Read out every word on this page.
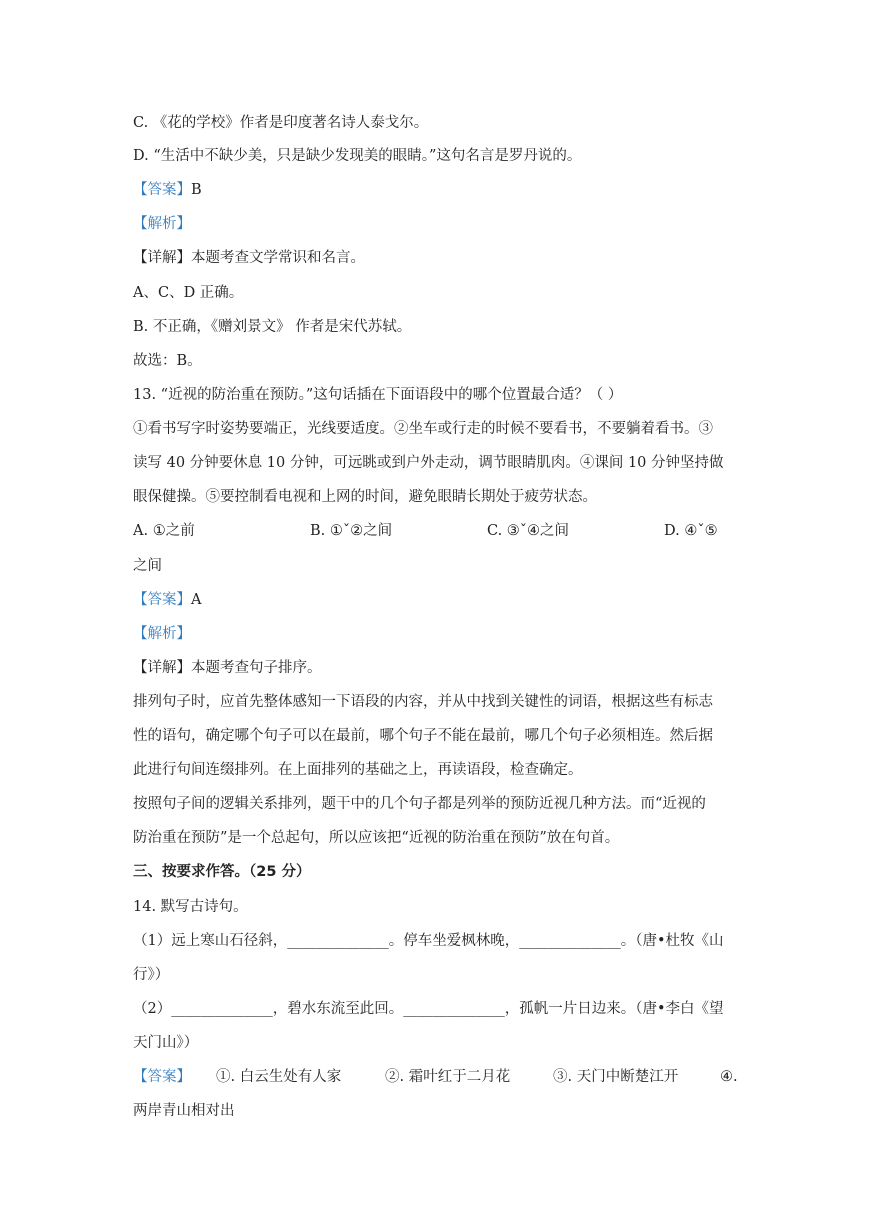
C. 《花的学校》作者是印度著名诗人泰戈尔。
D. “生活中不缺少美，只是缺少发现美的眼睛。”这句名言是罗丹说的。
【答案】B
【解析】
【详解】本题考查文学常识和名言。
A、C、D 正确。
B. 不正确，《赠刘景文》 作者是宋代苏轼。
故选：B。
13. “近视的防治重在预防。”这句话插在下面语段中的哪个位置最合适？（ ）
①看书写字时姿势要端正，光线要适度。②坐车或行走的时候不要看书，不要躺着看书。③
读写 40 分钟要休息 10 分钟，可远眺或到户外走动，调节眼睛肌肉。④课间 10 分钟坚持做
眼保健操。⑤要控制看电视和上网的时间，避免眼睛长期处于疲劳状态。
A. ①之前	B. ①ˇ②之间	C. ③ˇ④之间	D. ④ˇ⑤
之间
【答案】A
【解析】
【详解】本题考查句子排序。
排列句子时，应首先整体感知一下语段的内容，并从中找到关键性的词语，根据这些有标志
性的语句，确定哪个句子可以在最前，哪个句子不能在最前，哪几个句子必须相连。然后据
此进行句间连缀排列。在上面排列的基础之上，再读语段，检查确定。
按照句子间的逻辑关系排列，题干中的几个句子都是列举的预防近视几种方法。而“近视的
防治重在预防”是一个总起句，所以应该把“近视的防治重在预防”放在句首。
三、按要求作答。（25 分）
14. 默写古诗句。
（1）远上寒山石径斜，______________。停车坐爱枫林晚，______________。（唐•杜牧《山
行》）
（2）______________，碧水东流至此回。______________，孤帆一片日边来。（唐•李白《望
天门山》）
【答案】 ①. 白云生处有人家	②. 霜叶红于二月花	③. 天门中断楚江开	④.
两岸青山相对出
